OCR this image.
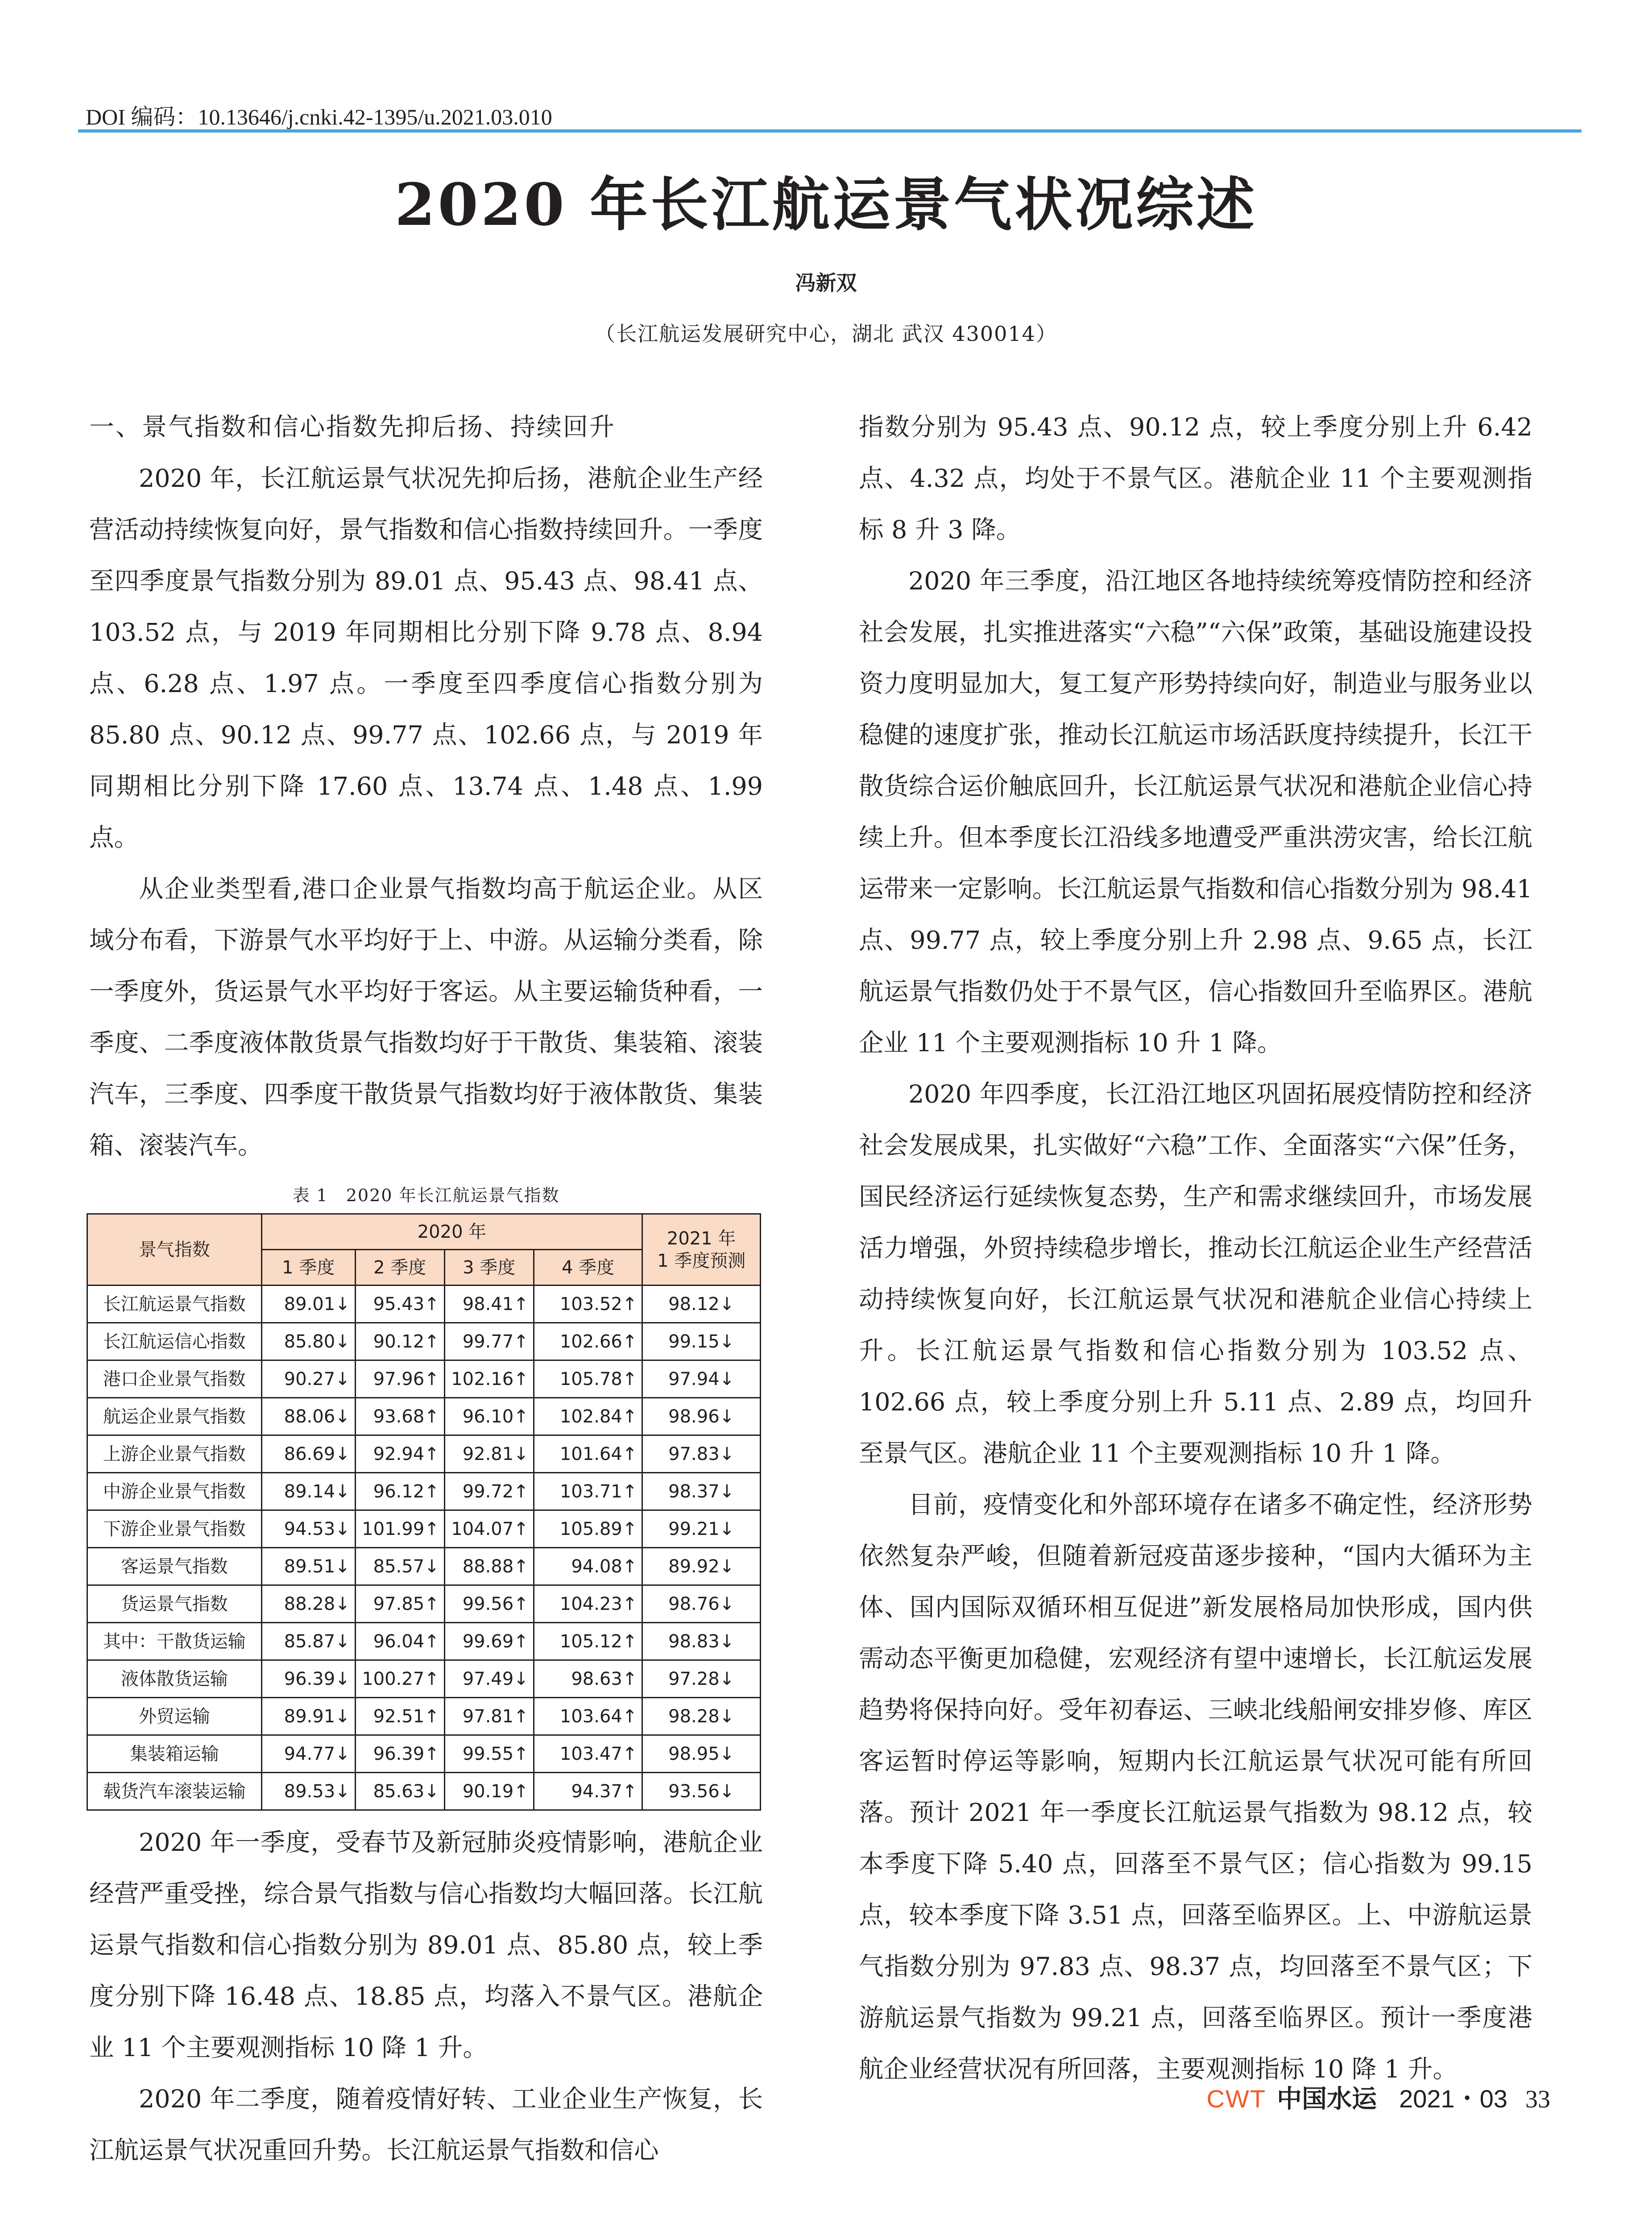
DOI 编码：10.13646/j.cnki.42-1395/u.2021.03.010
2020 年长江航运景气状况综述
冯新双
（长江航运发展研究中心，湖北 武汉 430014）

一、景气指数和信心指数先抑后扬、持续回升

2020 年，长江航运景气状况先抑后扬，港航企业生产经营活动持续恢复向好，景气指数和信心指数持续回升。一季度至四季度景气指数分别为 89.01 点、95.43 点、98.41 点、103.52 点，与 2019 年同期相比分别下降 9.78 点、8.94 点、6.28 点、1.97 点。一季度至四季度信心指数分别为 85.80 点、90.12 点、99.77 点、102.66 点，与 2019 年同期相比分别下降 17.60 点、13.74 点、1.48 点、1.99 点。

从企业类型看,港口企业景气指数均高于航运企业。从区域分布看，下游景气水平均好于上、中游。从运输分类看，除一季度外，货运景气水平均好于客运。从主要运输货种看，一季度、二季度液体散货景气指数均好于干散货、集装箱、滚装汽车，三季度、四季度干散货景气指数均好于液体散货、集装箱、滚装汽车。

表 1　2020 年长江航运景气指数
景气指数	2020 年				2021 年
1 季度预测
	1 季度	2 季度	3 季度	4 季度	
长江航运景气指数	89.01↓	95.43↑	98.41↑	103.52↑	98.12↓
长江航运信心指数	85.80↓	90.12↑	99.77↑	102.66↑	99.15↓
港口企业景气指数	90.27↓	97.96↑	102.16↑	105.78↑	97.94↓
航运企业景气指数	88.06↓	93.68↑	96.10↑	102.84↑	98.96↓
上游企业景气指数	86.69↓	92.94↑	92.81↓	101.64↑	97.83↓
中游企业景气指数	89.14↓	96.12↑	99.72↑	103.71↑	98.37↓
下游企业景气指数	94.53↓	101.99↑	104.07↑	105.89↑	99.21↓
客运景气指数	89.51↓	85.57↓	88.88↑	94.08↑	89.92↓
货运景气指数	88.28↓	97.85↑	99.56↑	104.23↑	98.76↓
其中：干散货运输	85.87↓	96.04↑	99.69↑	105.12↑	98.83↓
液体散货运输	96.39↓	100.27↑	97.49↓	98.63↑	97.28↓
外贸运输	89.91↓	92.51↑	97.81↑	103.64↑	98.28↓
集装箱运输	94.77↓	96.39↑	99.55↑	103.47↑	98.95↓
载货汽车滚装运输	89.53↓	85.63↓	90.19↑	94.37↑	93.56↓

2020 年一季度，受春节及新冠肺炎疫情影响，港航企业经营严重受挫，综合景气指数与信心指数均大幅回落。长江航运景气指数和信心指数分别为 89.01 点、85.80 点，较上季度分别下降 16.48 点、18.85 点，均落入不景气区。港航企业 11 个主要观测指标 10 降 1 升。

2020 年二季度，随着疫情好转、工业企业生产恢复，长江航运景气状况重回升势。长江航运景气指数和信心

指数分别为 95.43 点、90.12 点，较上季度分别上升 6.42 点、4.32 点，均处于不景气区。港航企业 11 个主要观测指标 8 升 3 降。

2020 年三季度，沿江地区各地持续统筹疫情防控和经济社会发展，扎实推进落实“六稳”“六保”政策，基础设施建设投资力度明显加大，复工复产形势持续向好，制造业与服务业以稳健的速度扩张，推动长江航运市场活跃度持续提升，长江干散货综合运价触底回升，长江航运景气状况和港航企业信心持续上升。但本季度长江沿线多地遭受严重洪涝灾害，给长江航运带来一定影响。长江航运景气指数和信心指数分别为 98.41 点、99.77 点，较上季度分别上升 2.98 点、9.65 点，长江航运景气指数仍处于不景气区，信心指数回升至临界区。港航企业 11 个主要观测指标 10 升 1 降。

2020 年四季度，长江沿江地区巩固拓展疫情防控和经济社会发展成果，扎实做好“六稳”工作、全面落实“六保”任务，国民经济运行延续恢复态势，生产和需求继续回升，市场发展活力增强，外贸持续稳步增长，推动长江航运企业生产经营活动持续恢复向好，长江航运景气状况和港航企业信心持续上升。长江航运景气指数和信心指数分别为 103.52 点、102.66 点，较上季度分别上升 5.11 点、2.89 点，均回升至景气区。港航企业 11 个主要观测指标 10 升 1 降。

目前，疫情变化和外部环境存在诸多不确定性，经济形势依然复杂严峻，但随着新冠疫苗逐步接种，“国内大循环为主体、国内国际双循环相互促进”新发展格局加快形成，国内供需动态平衡更加稳健，宏观经济有望中速增长，长江航运发展趋势将保持向好。受年初春运、三峡北线船闸安排岁修、库区客运暂时停运等影响，短期内长江航运景气状况可能有所回落。预计 2021 年一季度长江航运景气指数为 98.12 点，较本季度下降 5.40 点，回落至不景气区；信心指数为 99.15 点，较本季度下降 3.51 点，回落至临界区。上、中游航运景气指数分别为 97.83 点、98.37 点，均回落至不景气区；下游航运景气指数为 99.21 点，回落至临界区。预计一季度港航企业经营状况有所回落，主要观测指标 10 降 1 升。

CWT 中国水运 2021・03 33
